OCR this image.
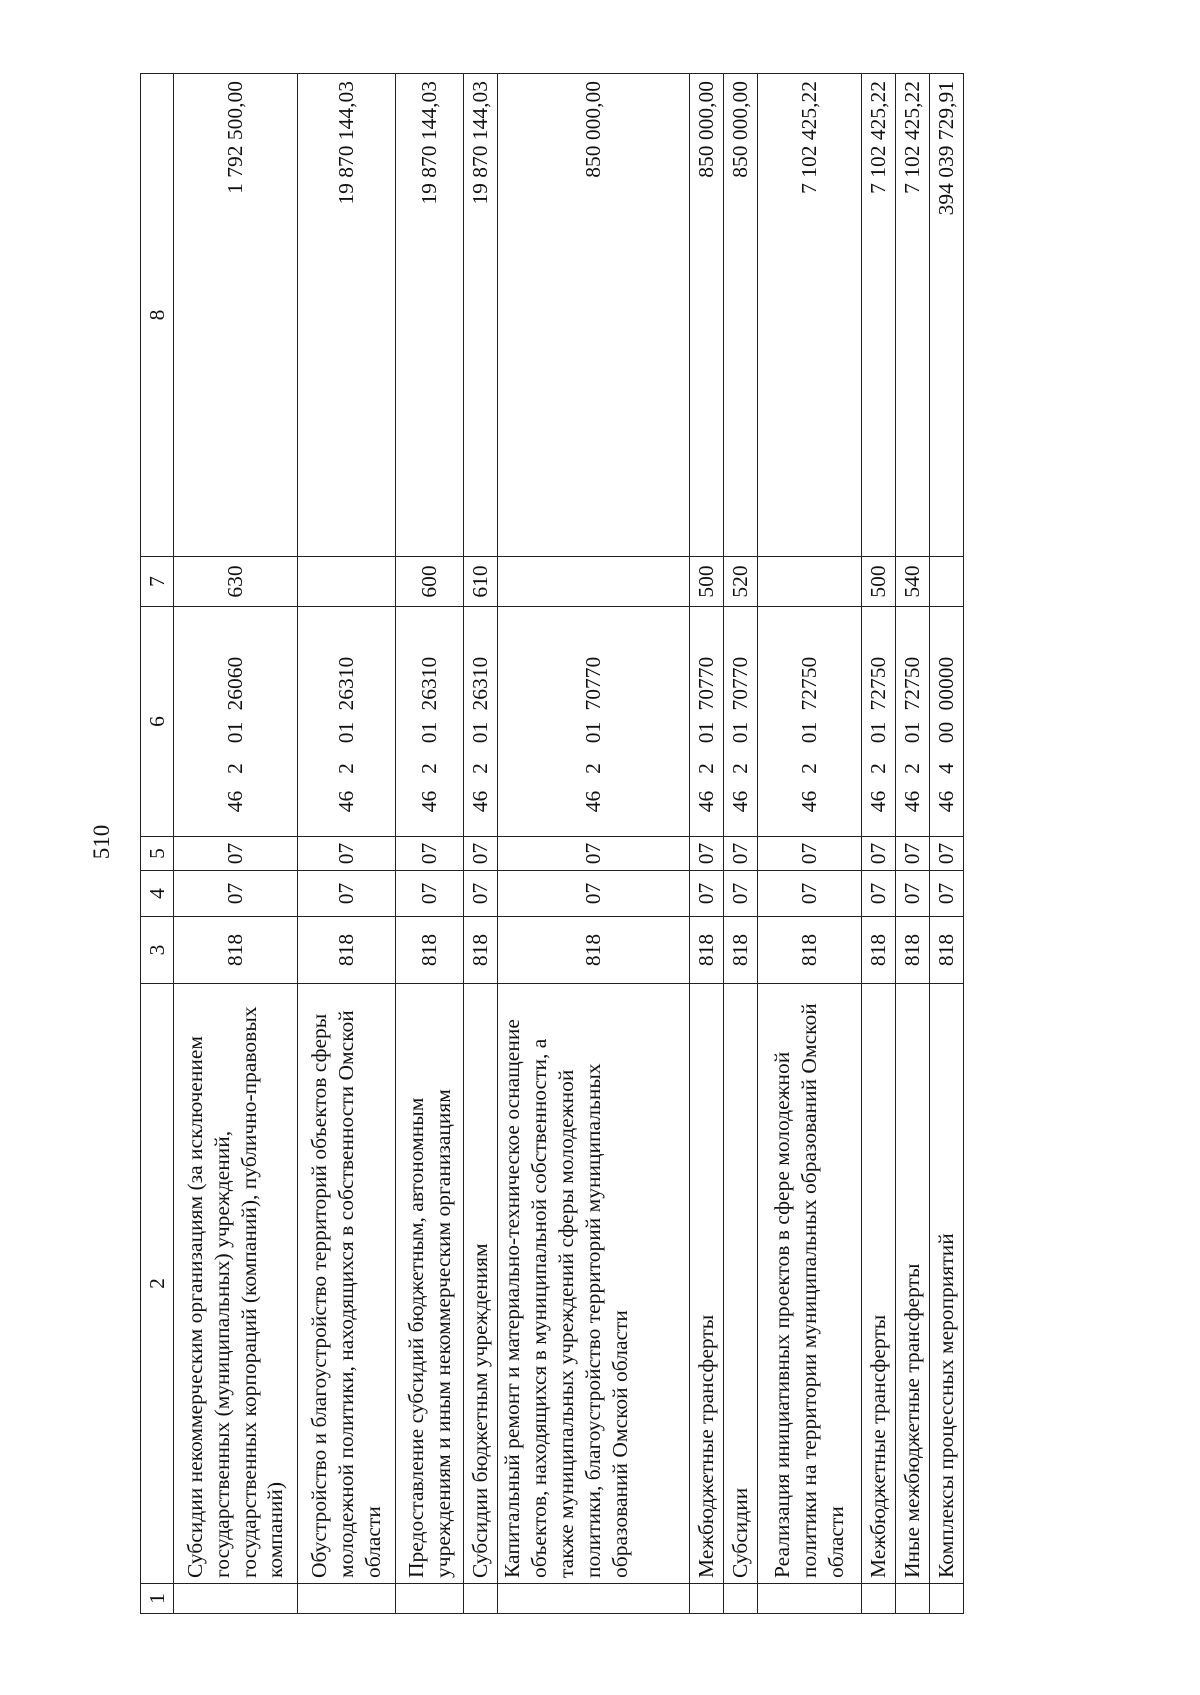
510
1	2	3	4	5	6	7	8
	Субсидии некоммерческим организациям (за исключением государственных (муниципальных) учреждений, государственных корпораций (компаний), публично-правовых компаний)	818	07	07	4620126060	630	1 792 500,00
	Обустройство и благоустройство территорий объектов сферы молодежной политики, находящихся в собственности Омской области	818	07	07	4620126310		19 870 144,03
	Предоставление субсидий бюджетным, автономным учреждениям и иным некоммерческим организациям	818	07	07	4620126310	600	19 870 144,03
	Субсидии бюджетным учреждениям	818	07	07	4620126310	610	19 870 144,03
	Капитальный ремонт и материально-техническое оснащение объектов, находящихся в муниципальной собственности, а также муниципальных учреждений сферы молодежной политики, благоустройство территорий муниципальных образований Омской области	818	07	07	4620170770		850 000,00
	Межбюджетные трансферты	818	07	07	4620170770	500	850 000,00
	Субсидии	818	07	07	4620170770	520	850 000,00
	Реализация инициативных проектов в сфере молодежной политики на территории муниципальных образований Омской области	818	07	07	4620172750		7 102 425,22
	Межбюджетные трансферты	818	07	07	4620172750	500	7 102 425,22
	Иные межбюджетные трансферты	818	07	07	4620172750	540	7 102 425,22
	Комплексы процессных мероприятий	818	07	07	4640000000		394 039 729,91
